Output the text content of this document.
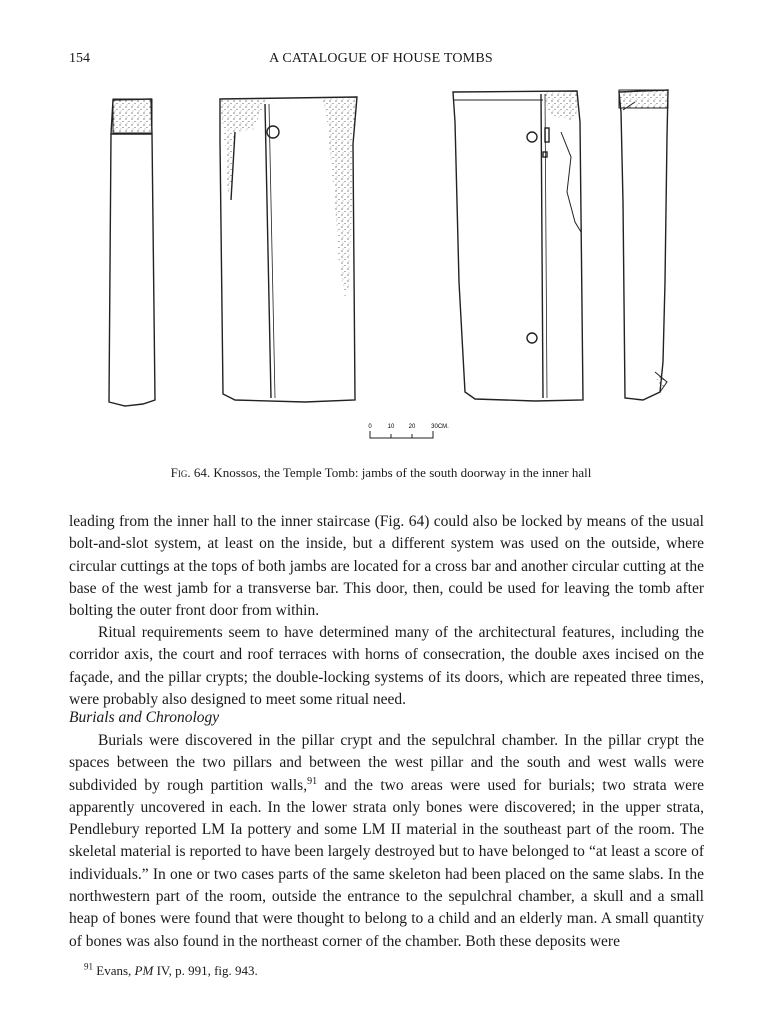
154	A CATALOGUE OF HOUSE TOMBS
0	10 20	30CM.
Fig. 64. Knossos, the Temple Tomb: jambs of the south doorway in the inner hall

leading from the inner hall to the inner staircase (Fig. 64) could also be locked by means of the usual bolt-and-slot system, at least on the inside, but a different system was used on the outside, where circular cuttings at the tops of both jambs are located for a cross bar and another circular cutting at the base of the west jamb for a transverse bar. This door, then, could be used for leaving the tomb after bolting the outer front door from within.

Ritual requirements seem to have determined many of the architectural features, including the corridor axis, the court and roof terraces with horns of consecration, the double axes incised on the façade, and the pillar crypts; the double-locking systems of its doors, which are repeated three times, were probably also designed to meet some ritual need.

Burials and Chronology

Burials were discovered in the pillar crypt and the sepulchral chamber. In the pillar crypt the spaces between the two pillars and between the west pillar and the south and west walls were subdivided by rough partition walls,$^{91}$ and the two areas were used for burials; two strata were apparently uncovered in each. In the lower strata only bones were discovered; in the upper strata, Pendlebury reported LM Ia pottery and some LM II material in the southeast part of the room. The skeletal material is reported to have been largely destroyed but to have belonged to “at least a score of individuals.” In one or two cases parts of the same skeleton had been placed on the same slabs. In the northwestern part of the room, outside the entrance to the sepulchral chamber, a skull and a small heap of bones were found that were thought to belong to a child and an elderly man. A small quantity of bones was also found in the northeast corner of the chamber. Both these deposits were

$^{91}$ Evans, PM IV, p. 991, fig. 943.
